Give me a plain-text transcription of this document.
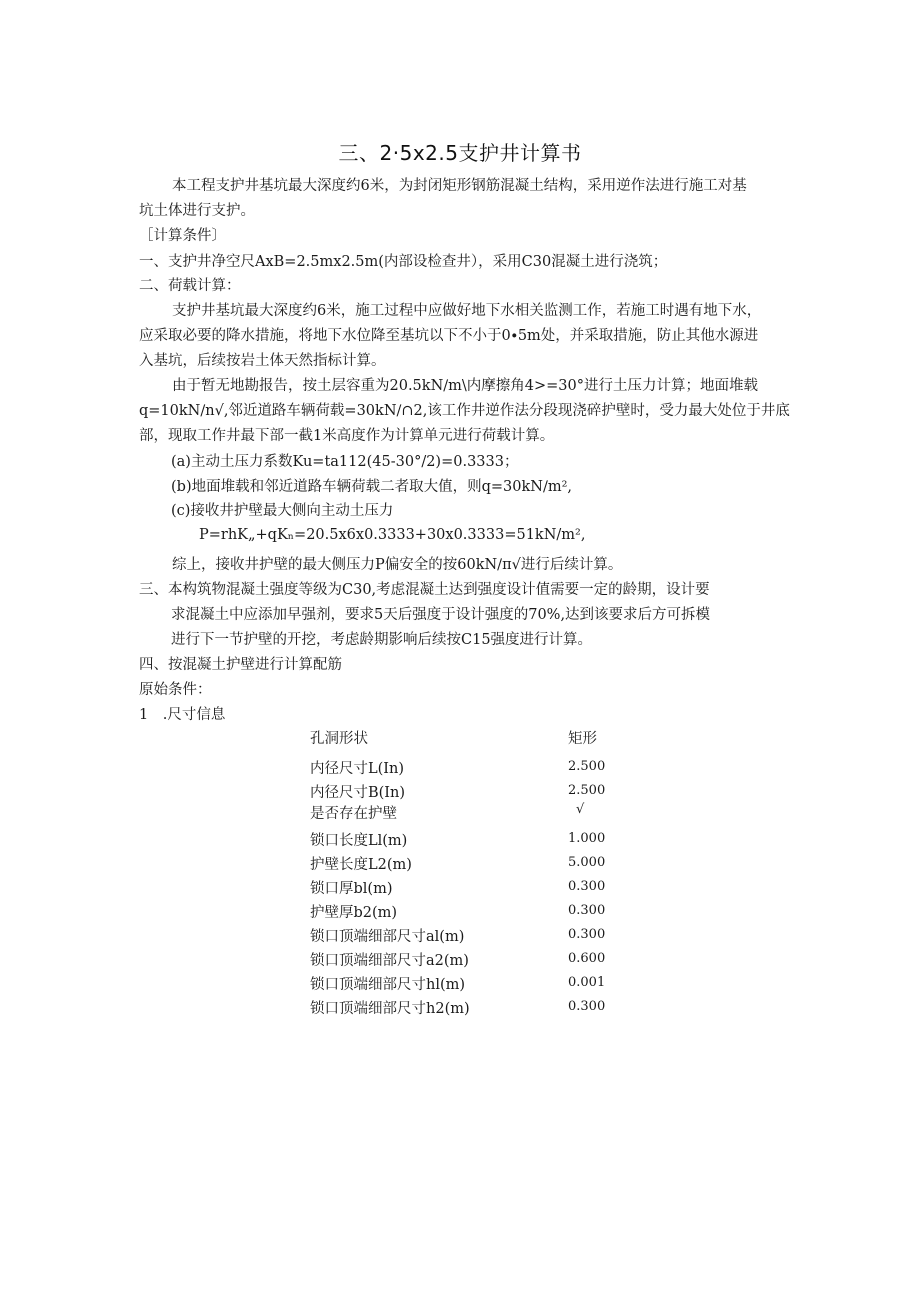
三、2·5x2.5支护井计算书

本工程支护井基坑最大深度约6米，为封闭矩形钢筋混凝土结构，采用逆作法进行施工对基

坑土体进行支护。

［计算条件〕

一、支护井净空尺AxB=2.5mx2.5m(内部设检查井），采用C30混凝土进行浇筑；

二、荷载计算：

支护井基坑最大深度约6米，施工过程中应做好地下水相关监测工作，若施工时遇有地下水，

应采取必要的降水措施，将地下水位降至基坑以下不小于0∙5m处，并采取措施，防止其他水源进

入基坑，后续按岩土体天然指标计算。

由于暂无地勘报告，按土层容重为20.5kN∕m\内摩擦角4>=30°进行土压力计算；地面堆载

q=10kN∕n√,邻近道路车辆荷载=30kN∕∩2,该工作井逆作法分段现浇碎护壁时，受力最大处位于井底

部，现取工作井最下部一截1米高度作为计算单元进行荷载计算。

(a)主动土压力系数Ku=ta112(45-30°/2)=0.3333；

(b)地面堆载和邻近道路车辆荷载二者取大值，则q=30kN∕m²,

(c)接收井护壁最大侧向主动土压力

P=rhK„+qKₙ=20.5x6x0.3333+30x0.3333=51kN/m²,

综上，接收井护壁的最大侧压力P偏安全的按60kN∕π√进行后续计算。

三、本构筑物混凝土强度等级为C30,考虑混凝土达到强度设计值需要一定的龄期，设计要

求混凝土中应添加早强剂，要求5天后强度于设计强度的70%,达到该要求后方可拆模

进行下一节护壁的开挖，考虑龄期影响后续按C15强度进行计算。

四、按混凝土护壁进行计算配筋

原始条件：

1　.尺寸信息

孔洞形状	矩形
内径尺寸L(In)	2.500
内径尺寸B(In)	2.500
是否存在护壁	√
锁口长度Ll(m)	1.000
护壁长度L2(m)	5.000
锁口厚bl(m)	0.300
护壁厚b2(m)	0.300
锁口顶端细部尺寸al(m)	0.300
锁口顶端细部尺寸a2(m)	0.600
锁口顶端细部尺寸hl(m)	0.001
锁口顶端细部尺寸h2(m)	0.300
